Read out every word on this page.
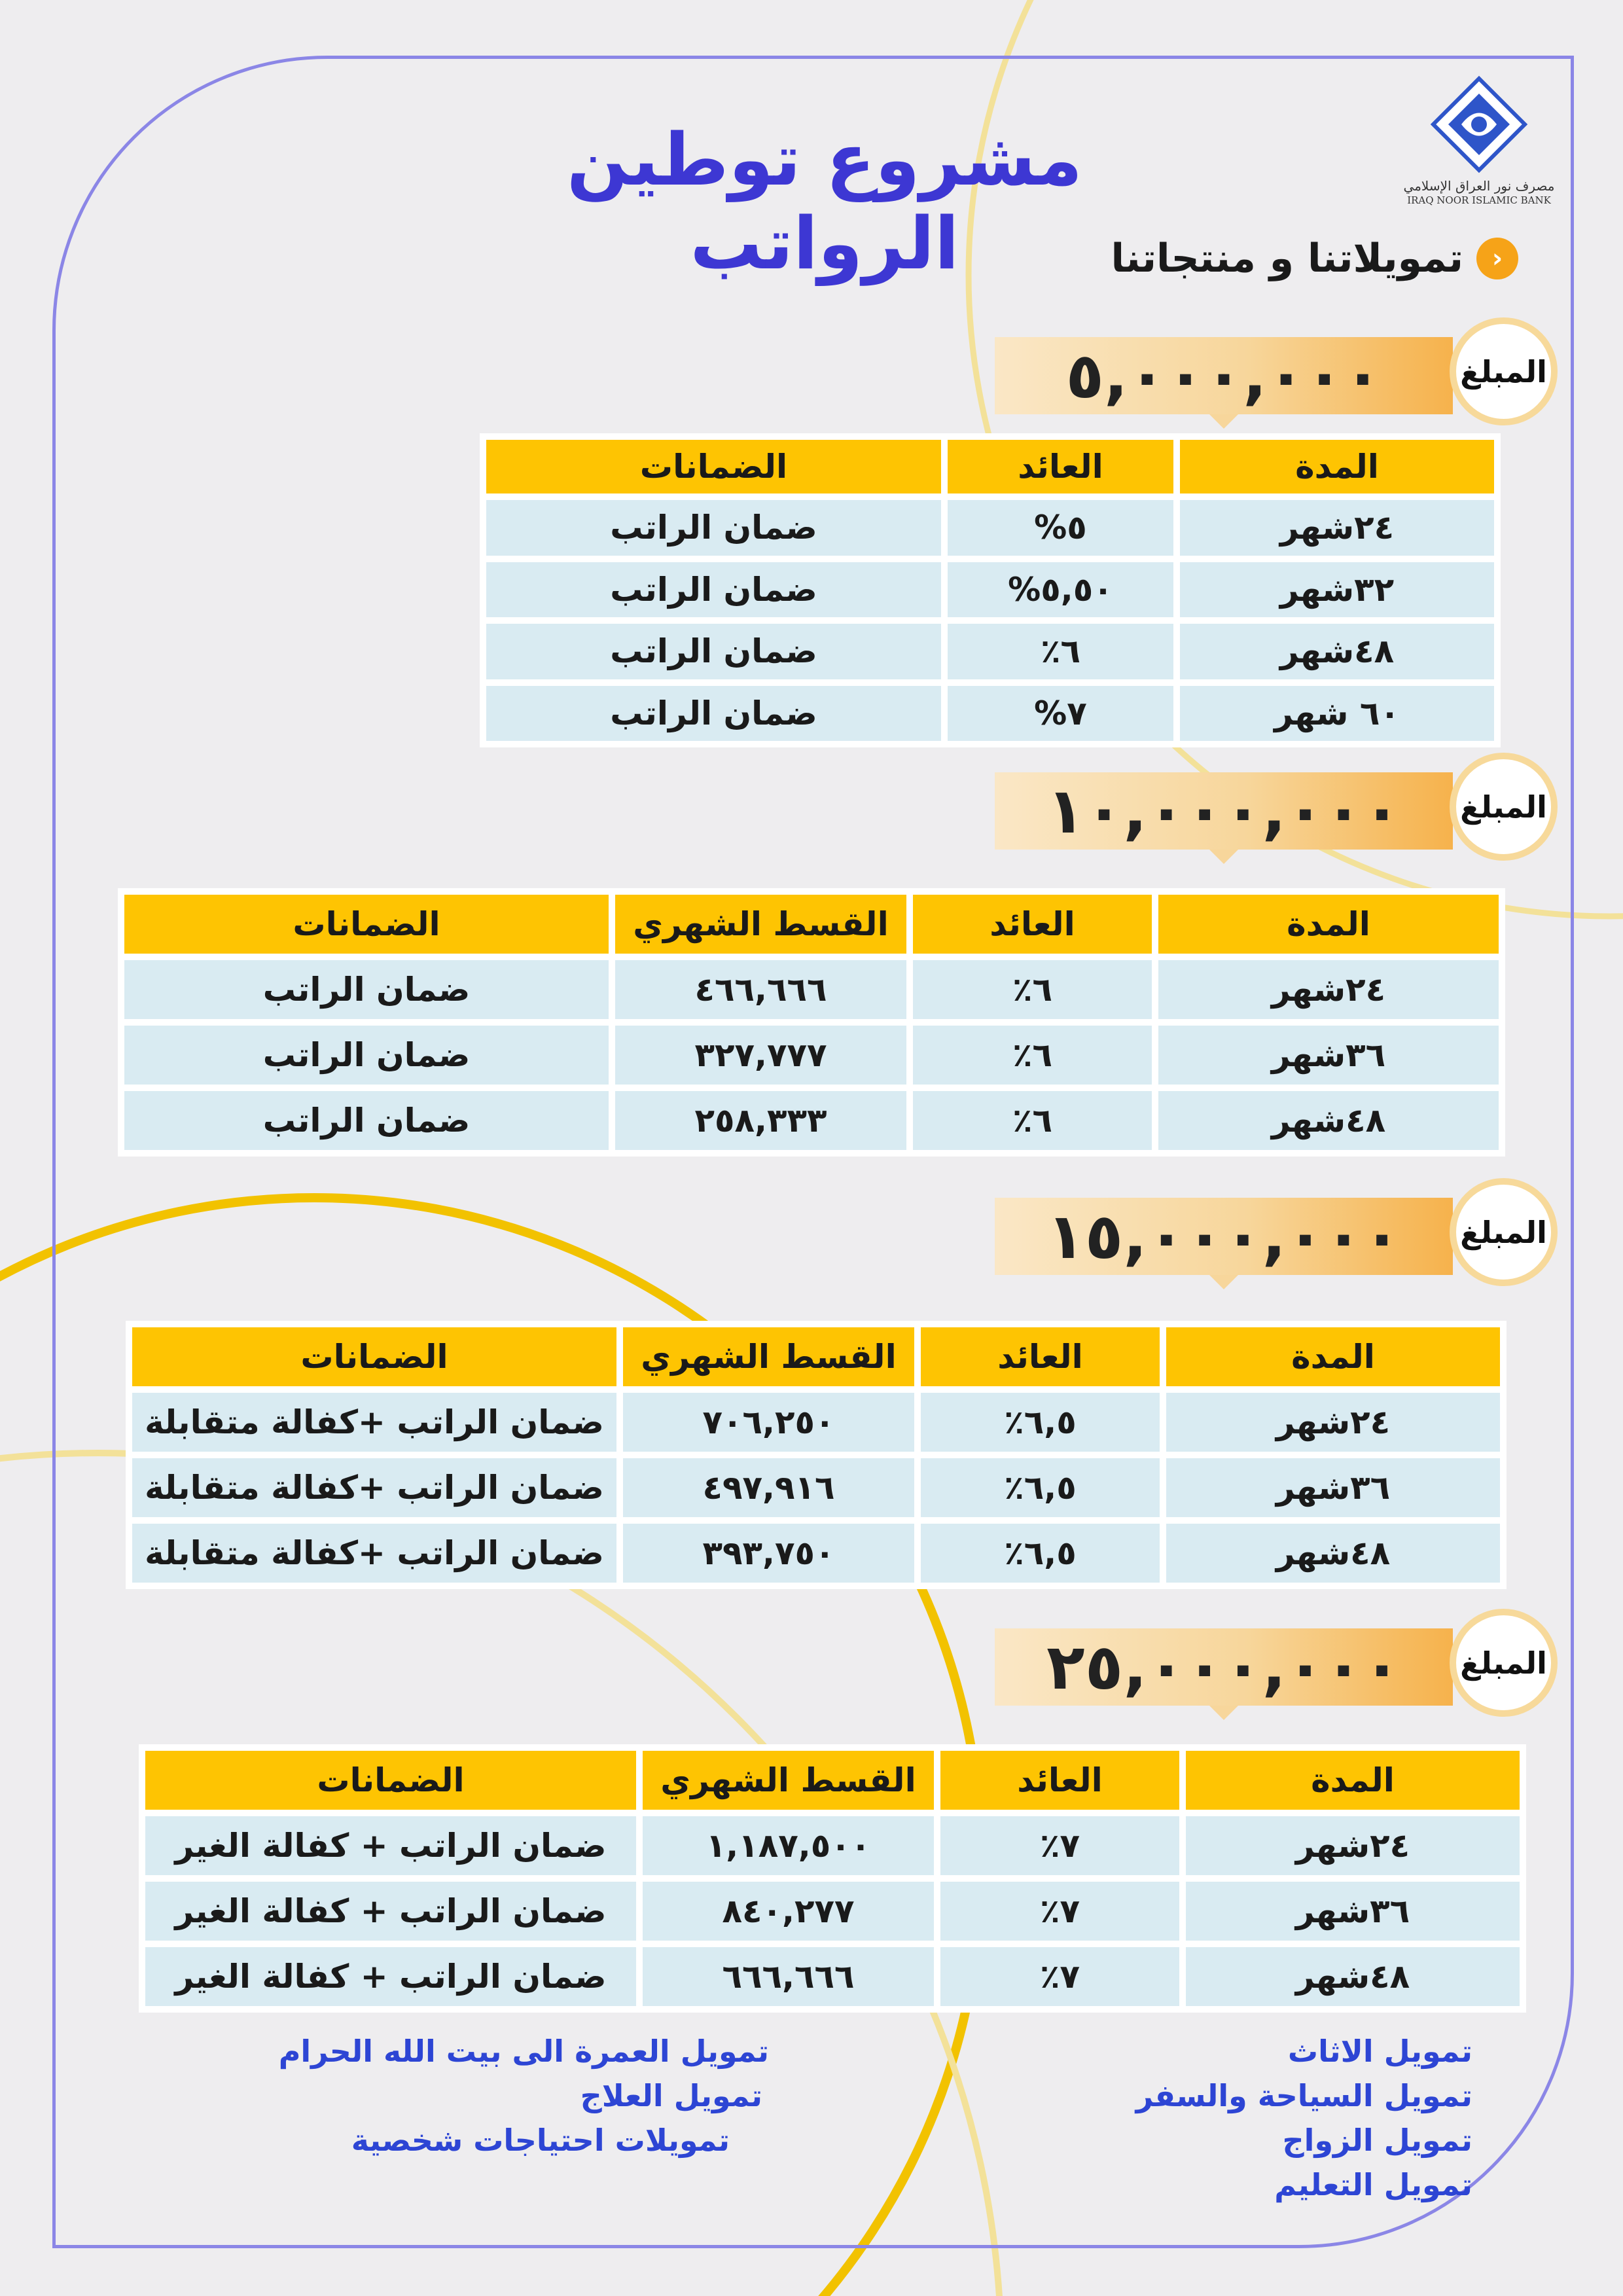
مصرف نور العراق الإسلامي
IRAQ NOOR ISLAMIC BANK
مشروع توطين الرواتب	‹
تمويلاتنا و منتجاتنا
٥,٠٠٠,٠٠٠	المبلغ
المدة	العائد	الضمانات
٢٤شهر	٥%	ضمان الراتب
٣٢شهر	٥,٥٠%	ضمان الراتب
٤٨شهر	٦٪	ضمان الراتب
٦٠ شهر	٧%	ضمان الراتب
١٠,٠٠٠,٠٠٠	المبلغ
المدة	العائد	القسط الشهري	الضمانات
٢٤شهر	٦٪	٤٦٦,٦٦٦	ضمان الراتب
٣٦شهر	٦٪	٣٢٧,٧٧٧	ضمان الراتب
٤٨شهر	٦٪	٢٥٨,٣٣٣	ضمان الراتب
١٥,٠٠٠,٠٠٠	المبلغ
المدة	العائد	القسط الشهري	الضمانات
٢٤شهر	٦,٥٪	٧٠٦,٢٥٠	ضمان الراتب +كفالة متقابلة
٣٦شهر	٦,٥٪	٤٩٧,٩١٦	ضمان الراتب +كفالة متقابلة
٤٨شهر	٦,٥٪	٣٩٣,٧٥٠	ضمان الراتب +كفالة متقابلة
٢٥,٠٠٠,٠٠٠	المبلغ
المدة	العائد	القسط الشهري	الضمانات
٢٤شهر	٧٪	١,١٨٧,٥٠٠	ضمان الراتب + كفالة الغير
٣٦شهر	٧٪	٨٤٠,٢٧٧	ضمان الراتب + كفالة الغير
٤٨شهر	٧٪	٦٦٦,٦٦٦	ضمان الراتب + كفالة الغير
تمويل الاثاث
تمويل السياحة والسفر
تمويل الزواج
تمويل التعليم
تمويل العمرة الى بيت الله الحرام
تمويل العلاج
تمويلات احتياجات شخصية
